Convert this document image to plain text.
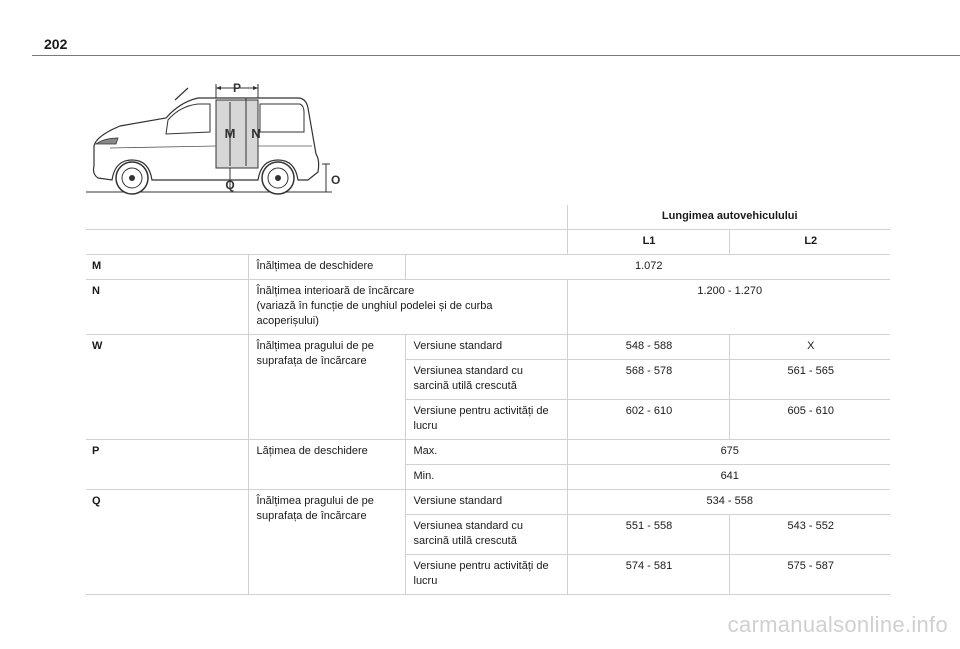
202
P
M N
Q	O

			Lungimea autovehiculului	

			L1	L2

M	Înălțimea de deschidere	1.072		

N	Înălțimea interioară de încărcare
(variază în funcție de unghiul podelei și de curba acoperișului)		1.200 - 1.270	

W	Înălțimea pragului de pe suprafața de încărcare	Versiune standard	548 - 588	X

		Versiunea standard cu sarcină utilă crescută	568 - 578	561 - 565

		Versiune pentru activități de lucru	602 - 610	605 - 610

P	Lățimea de deschidere	Max.	675	

		Min.	641	

Q	Înălțimea pragului de pe suprafața de încărcare	Versiune standard	534 - 558	

		Versiunea standard cu sarcină utilă crescută	551 - 558	543 - 552

		Versiune pentru activități de lucru	574 - 581	575 - 587
carmanualsonline.info
